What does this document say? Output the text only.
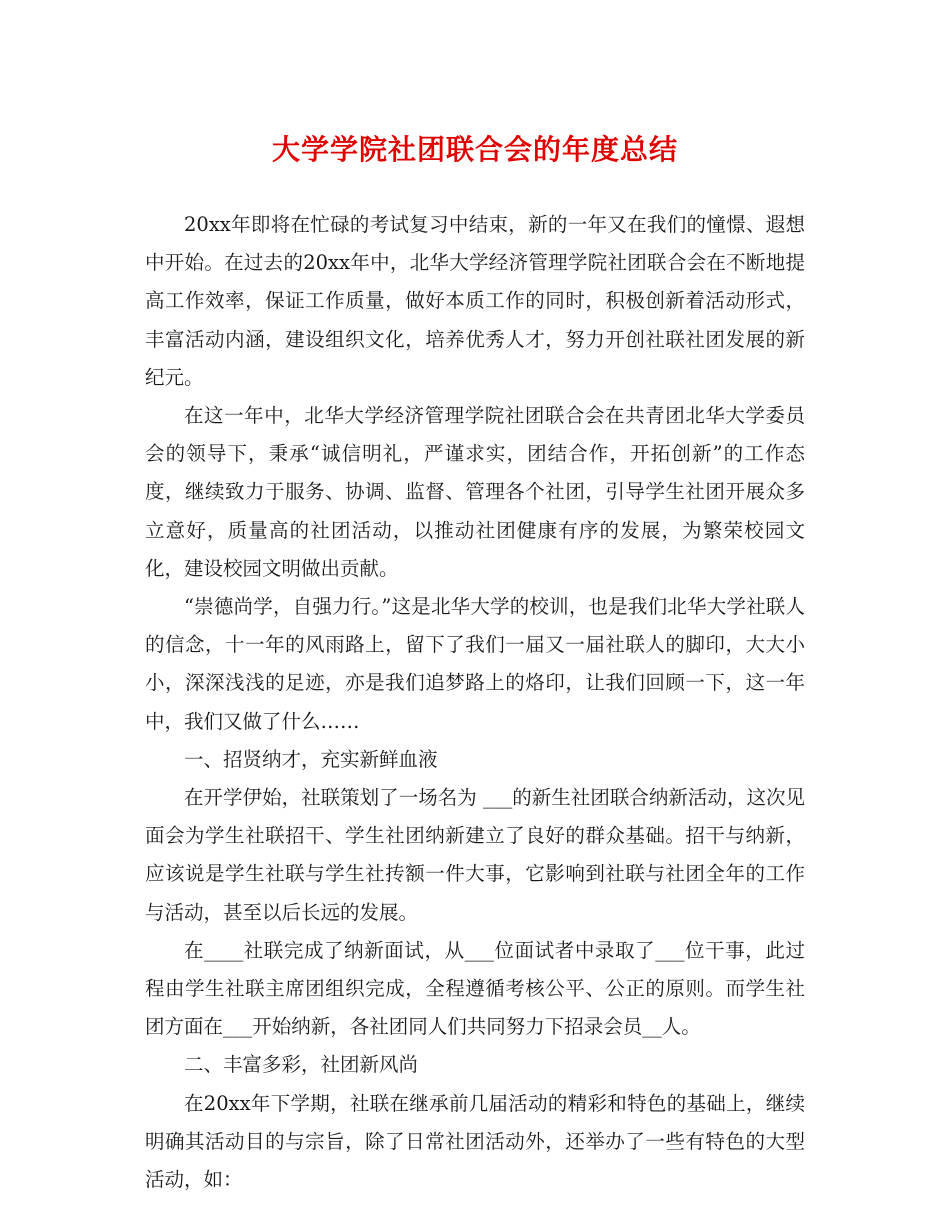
大学学院社团联合会的年度总结

20xx年即将在忙碌的考试复习中结束，新的一年又在我们的憧憬、遐想中开始。在过去的20xx年中，北华大学经济管理学院社团联合会在不断地提高工作效率，保证工作质量，做好本质工作的同时，积极创新着活动形式，丰富活动内涵，建设组织文化，培养优秀人才，努力开创社联社团发展的新纪元。

在这一年中，北华大学经济管理学院社团联合会在共青团北华大学委员会的领导下，秉承“诚信明礼，严谨求实，团结合作，开拓创新”的工作态度，继续致力于服务、协调、监督、管理各个社团，引导学生社团开展众多立意好，质量高的社团活动，以推动社团健康有序的发展，为繁荣校园文化，建设校园文明做出贡献。

“崇德尚学，自强力行。”这是北华大学的校训，也是我们北华大学社联人的信念，十一年的风雨路上，留下了我们一届又一届社联人的脚印，大大小小，深深浅浅的足迹，亦是我们追梦路上的烙印，让我们回顾一下，这一年中，我们又做了什么……

一、招贤纳才，充实新鲜血液

在开学伊始，社联策划了一场名为 ___的新生社团联合纳新活动，这次见面会为学生社联招干、学生社团纳新建立了良好的群众基础。招干与纳新，应该说是学生社联与学生社抟额一件大事，它影响到社联与社团全年的工作与活动，甚至以后长远的发展。

在____社联完成了纳新面试，从___位面试者中录取了___位干事，此过程由学生社联主席团组织完成，全程遵循考核公平、公正的原则。而学生社团方面在___开始纳新，各社团同人们共同努力下招录会员__人。

二、丰富多彩，社团新风尚

在20xx年下学期，社联在继承前几届活动的精彩和特色的基础上，继续明确其活动目的与宗旨，除了日常社团活动外，还举办了一些有特色的大型活动，如：
